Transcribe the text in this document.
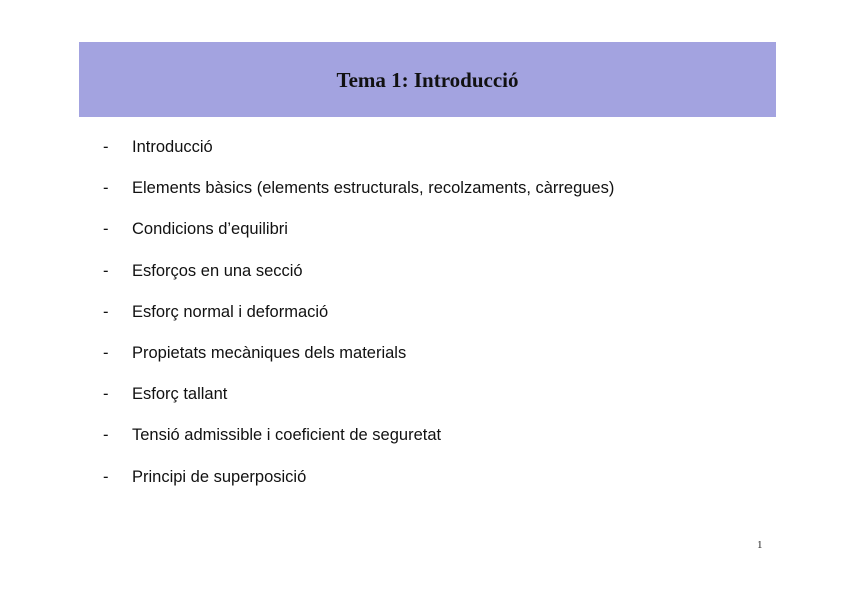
Tema 1: Introducció
- Introducció
- Elements bàsics (elements estructurals, recolzaments, càrregues)
- Condicions d’equilibri
- Esforços en una secció
- Esforç normal i deformació
- Propietats mecàniques dels materials
- Esforç tallant
- Tensió admissible i coeficient de seguretat
- Principi de superposició
1
